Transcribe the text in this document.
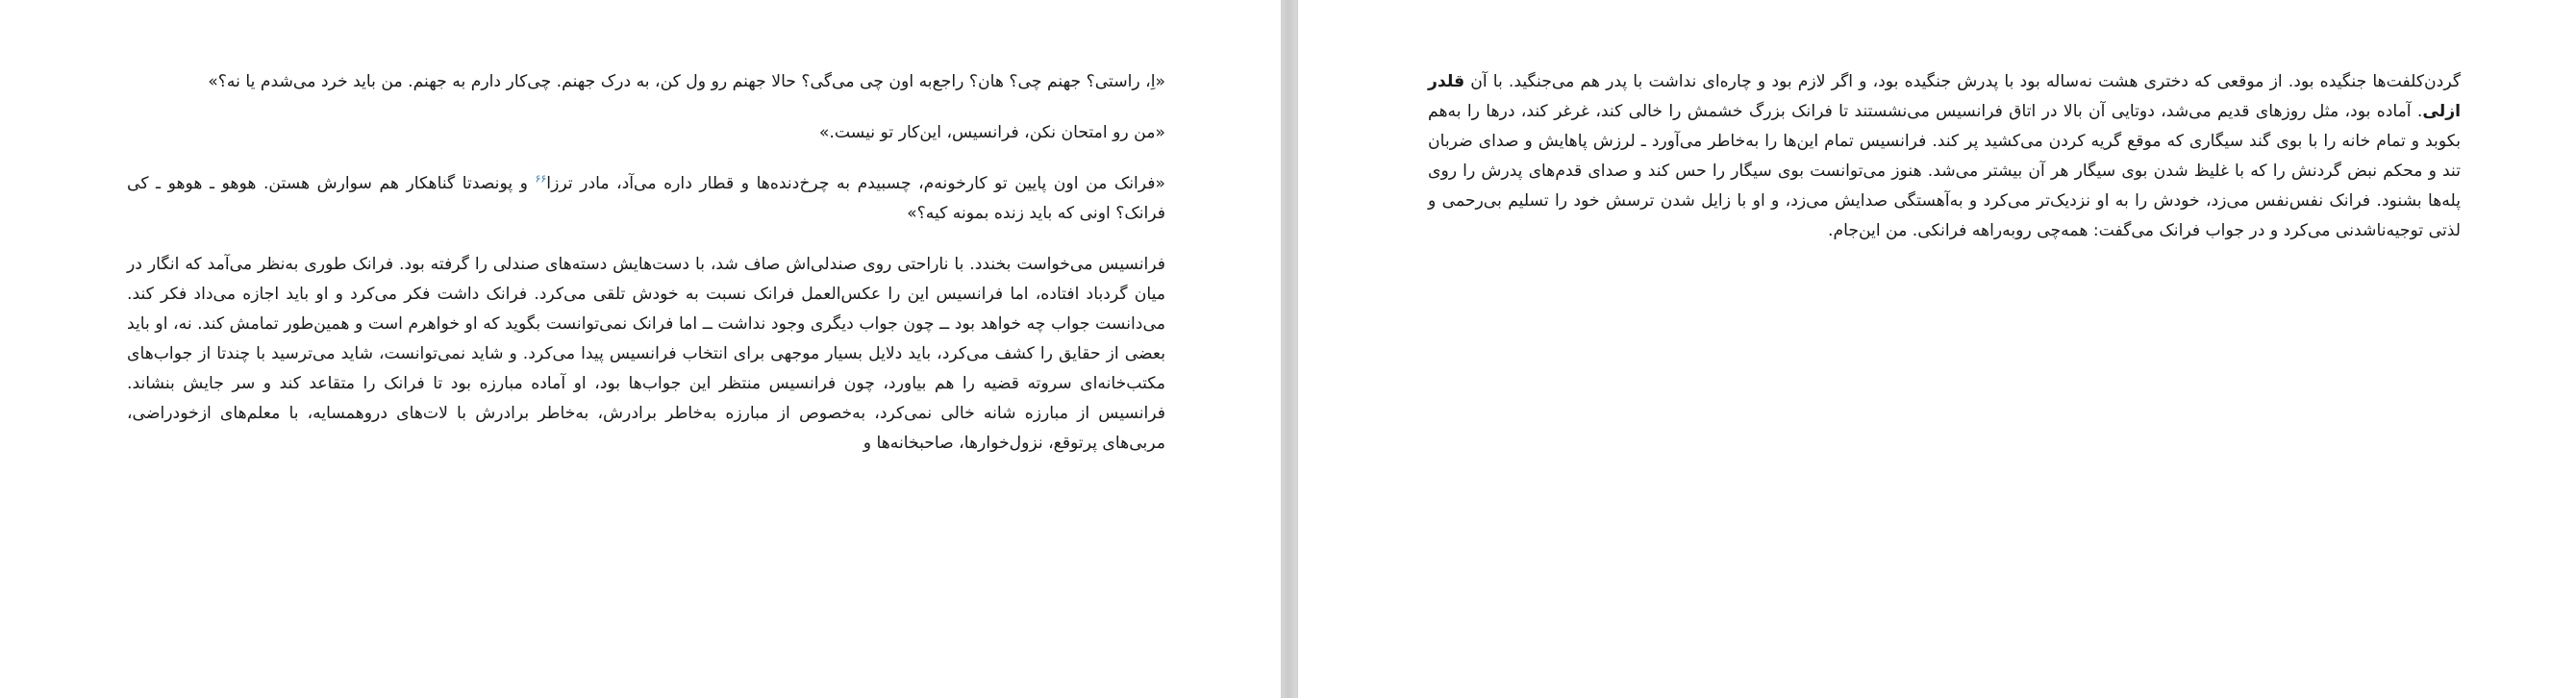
«اِ، راستی؟ جهنم چی؟ هان؟ راجع‌به اون چی می‌گی؟ حالا جهنم رو ول کن، به درک جهنم. چی‌کار دارم به جهنم. من باید خرد می‌شدم یا نه؟»

«من رو امتحان نکن، فرانسیس، این‌کار تو نیست.»

«فرانک من اون پایین تو کارخونه‌م، چسبیدم به چرخ‌دنده‌ها و قطار داره می‌آد، مادر ترزا$^{۶۶}$ و پونصدتا گناهکار هم سوارش هستن. هوهو ـ هوهو ـ کی فرانک؟ اونی که باید زنده بمونه کیه؟»

فرانسیس می‌خواست بخندد. با ناراحتی روی صندلی‌اش صاف شد، با دست‌هایش دسته‌های صندلی را گرفته بود. فرانک طوری به‌نظر می‌آمد که انگار در میان گردباد افتاده، اما فرانسیس این را عکس‌العمل فرانک نسبت به خودش تلقی می‌کرد. فرانک داشت فکر می‌کرد و او باید اجازه می‌داد فکر کند. می‌دانست جواب چه خواهد بود ــ چون جواب دیگری وجود نداشت ــ اما فرانک نمی‌توانست بگوید که او خواهرم است و همین‌طور تمامش کند. نه، او باید بعضی از حقایق را کشف می‌کرد، باید دلایل بسیار موجهی برای انتخاب فرانسیس پیدا می‌کرد. و شاید نمی‌توانست، شاید می‌ترسید با چندتا از جواب‌های مکتب‌خانه‌ای سروته قضیه را هم بیاورد، چون فرانسیس منتظر این جواب‌ها بود، او آماده مبارزه بود تا فرانک را متقاعد کند و سر جایش بنشاند. فرانسیس از مبارزه شانه خالی نمی‌کرد، به‌خصوص از مبارزه به‌خاطر برادرش، به‌خاطر برادرش با لات‌های دروهمسایه، با معلم‌های ازخودراضی، مربی‌های پرتوقع، نزول‌خوارها، صاحبخانه‌ها و

گردن‌کلفت‌ها جنگیده بود. از موقعی که دختری هشت نه‌ساله بود با پدرش جنگیده بود، و اگر لازم بود و چاره‌ای نداشت با پدر هم می‌جنگید. با آن قلدر ازلی. آماده بود، مثل روزهای قدیم می‌شد، دوتایی آن بالا در اتاق فرانسیس می‌نشستند تا فرانک بزرگ خشمش را خالی کند، غرغر کند، درها را به‌هم بکوبد و تمام خانه را با بوی گند سیگاری که موقع گریه کردن می‌کشید پر کند. فرانسیس تمام این‌ها را به‌خاطر می‌آورد ـ لرزش پاهایش و صدای ضربان تند و محکم نبض گردنش را که با غلیظ شدن بوی سیگار هر آن بیشتر می‌شد. هنوز می‌توانست بوی سیگار را حس کند و صدای قدم‌های پدرش را روی پله‌ها بشنود. فرانک نفس‌نفس می‌زد، خودش را به او نزدیک‌تر می‌کرد و به‌آهستگی صدایش می‌زد، و او با زایل شدن ترسش خود را تسلیم بی‌رحمی و لذتی توجیه‌ناشدنی می‌کرد و در جواب فرانک می‌گفت: همه‌چی روبه‌راهه فرانکی. من این‌جام.
